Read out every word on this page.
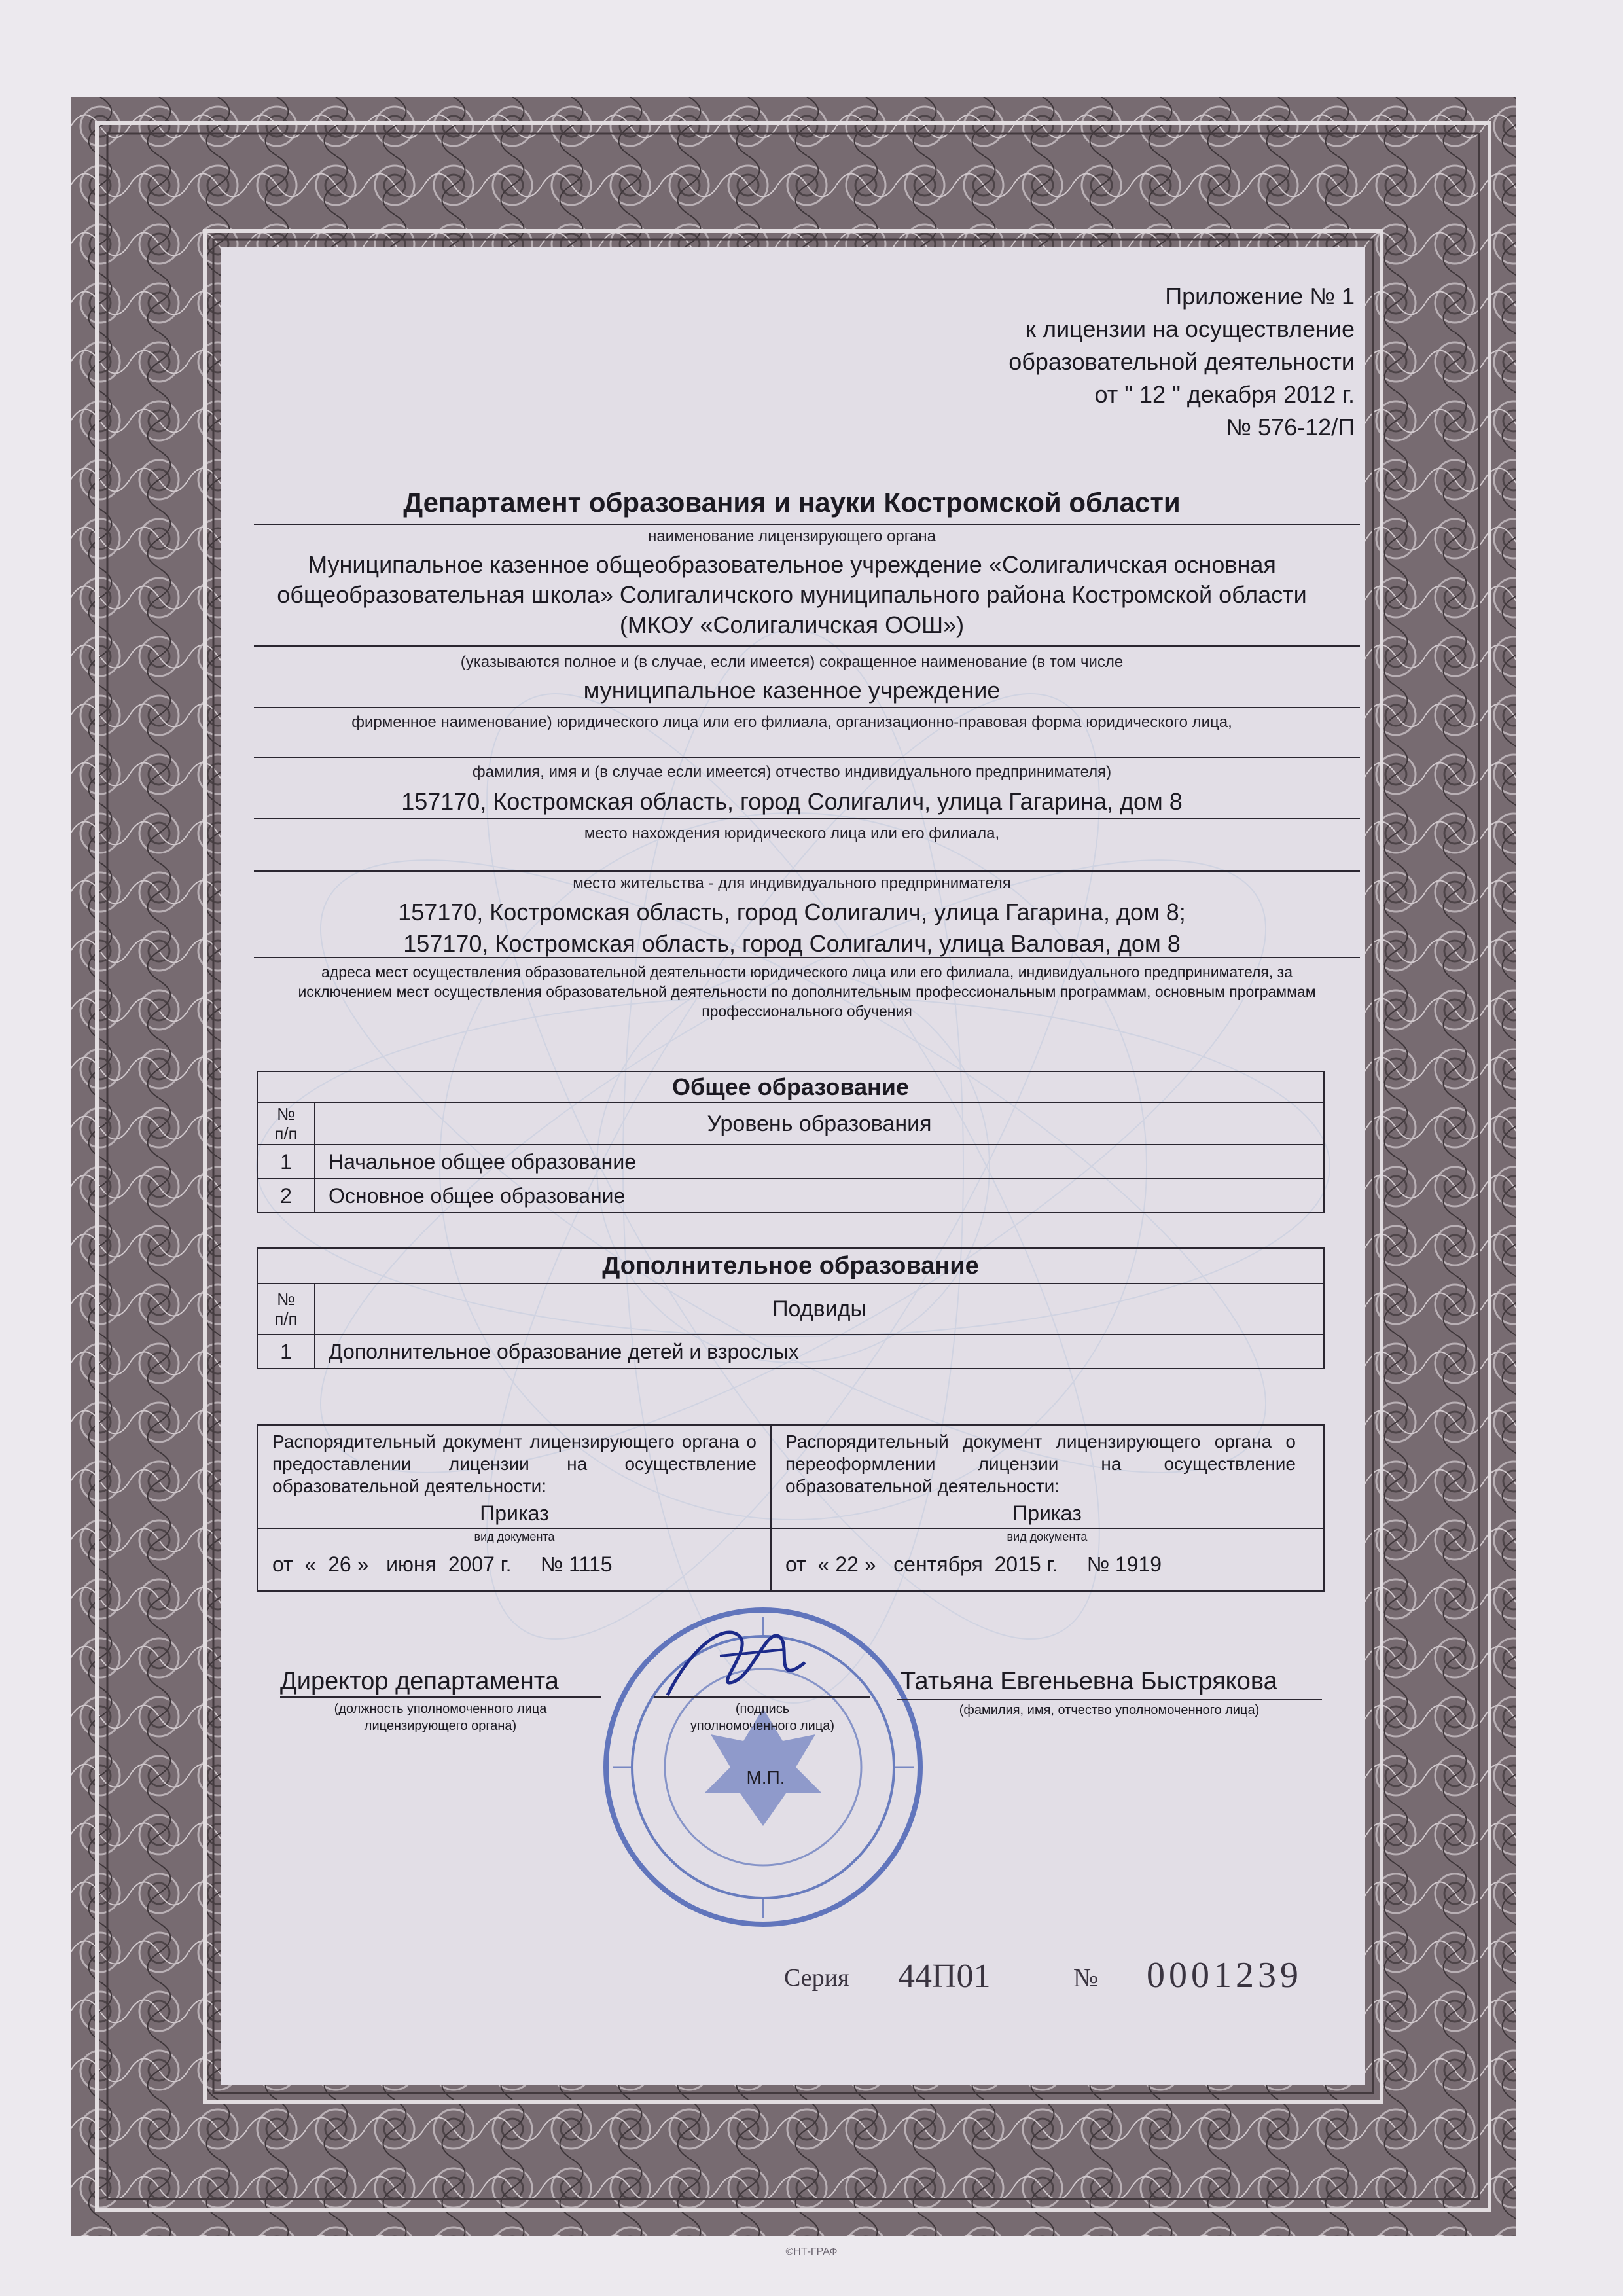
Приложение № 1
к лицензии на осуществление
образовательной деятельности
от " 12 " декабря 2012 г.
№ 576-12/П
Департамент образования и науки Костромской области
наименование лицензирующего органа
Муниципальное казенное общеобразовательное учреждение «Солигаличская основная
общеобразовательная школа» Солигаличского муниципального района Костромской области
(МКОУ «Солигаличская ООШ»)
(указываются полное и (в случае, если имеется) сокращенное наименование (в том числе
муниципальное казенное учреждение
фирменное наименование) юридического лица или его филиала, организационно-правовая форма юридического лица,
фамилия, имя и (в случае если имеется) отчество индивидуального предпринимателя)
157170, Костромская область, город Солигалич, улица Гагарина, дом 8
место нахождения юридического лица или его филиала,
место жительства - для индивидуального предпринимателя
157170, Костромская область, город Солигалич, улица Гагарина, дом 8;
157170, Костромская область, город Солигалич, улица Валовая, дом 8
адреса мест осуществления образовательной деятельности юридического лица или его филиала, индивидуального предпринимателя, за
исключением мест осуществления образовательной деятельности по дополнительным профессиональным программам, основным программам
профессионального обучения
Общее образование	

№
п/п	Уровень образования
1	Начальное общее образование
2	Основное общее образование
Дополнительное образование	

№
п/п	Подвиды
1	Дополнительное образование детей и взрослых
Распорядительный документ лицензирующего органа о
предоставлении лицензии на осуществление
образовательной деятельности:
Приказ
вид документа
от  «  26 »   июня  2007 г.     № 1115
Распорядительный документ лицензирующего органа о
переоформлении лицензии на осуществление
образовательной деятельности:
Приказ
вид документа
от  « 22 »   сентября  2015 г.     № 1919
Директор департамента
(должность уполномоченного лица
лицензирующего органа)
(подпись
уполномоченного лица)
М.П.
Татьяна Евгеньевна Быстрякова
(фамилия, имя, отчество уполномоченного лица)
Серия 44П01	№ 0001239
©НТ-ГРАФ
